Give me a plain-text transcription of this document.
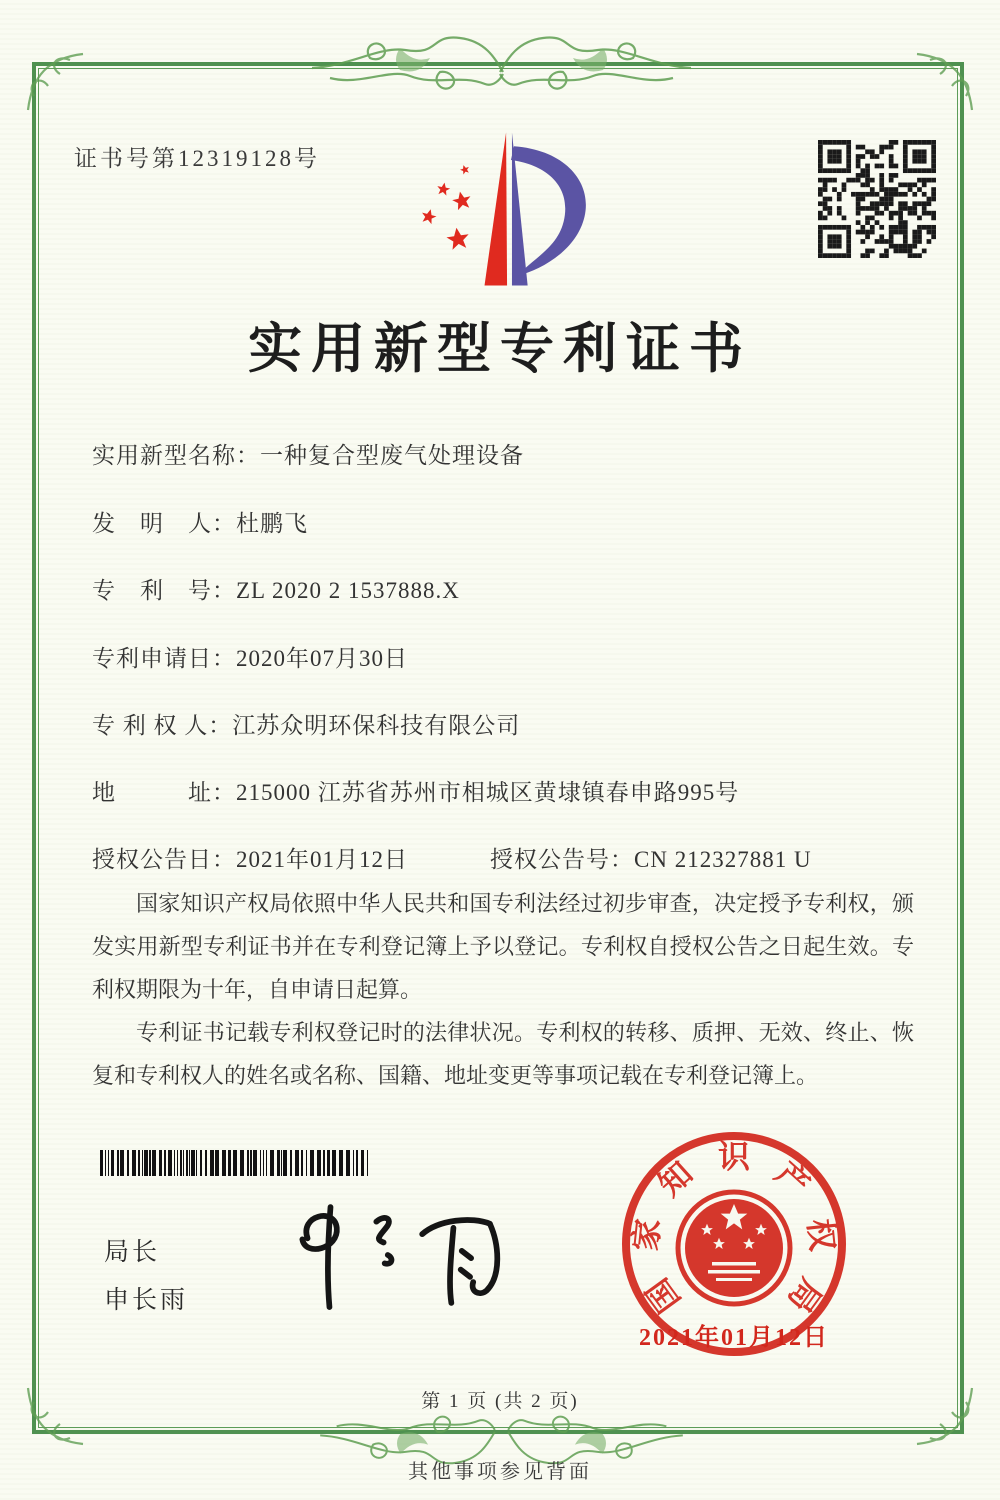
证书号第12319128号
实用新型专利证书
实用新型名称：一种复合型废气处理设备
发　明　人：杜鹏飞
专　利　号：ZL 2020 2 1537888.X
专利申请日：2020年07月30日
专 利 权 人：江苏众明环保科技有限公司
地　　　址：215000 江苏省苏州市相城区黄埭镇春申路995号
授权公告日：2021年01月12日	授权公告号：CN 212327881 U

国家知识产权局依照中华人民共和国专利法经过初步审查，决定授予专利权，颁发实用新型专利证书并在专利登记簿上予以登记。专利权自授权公告之日起生效。专利权期限为十年，自申请日起算。

专利证书记载专利权登记时的法律状况。专利权的转移、质押、无效、终止、恢复和专利权人的姓名或名称、国籍、地址变更等事项记载在专利登记簿上。

局长
申长雨	国
家
知 识 产
权
局
2021年01月12日
第 1 页 (共 2 页)
其他事项参见背面
